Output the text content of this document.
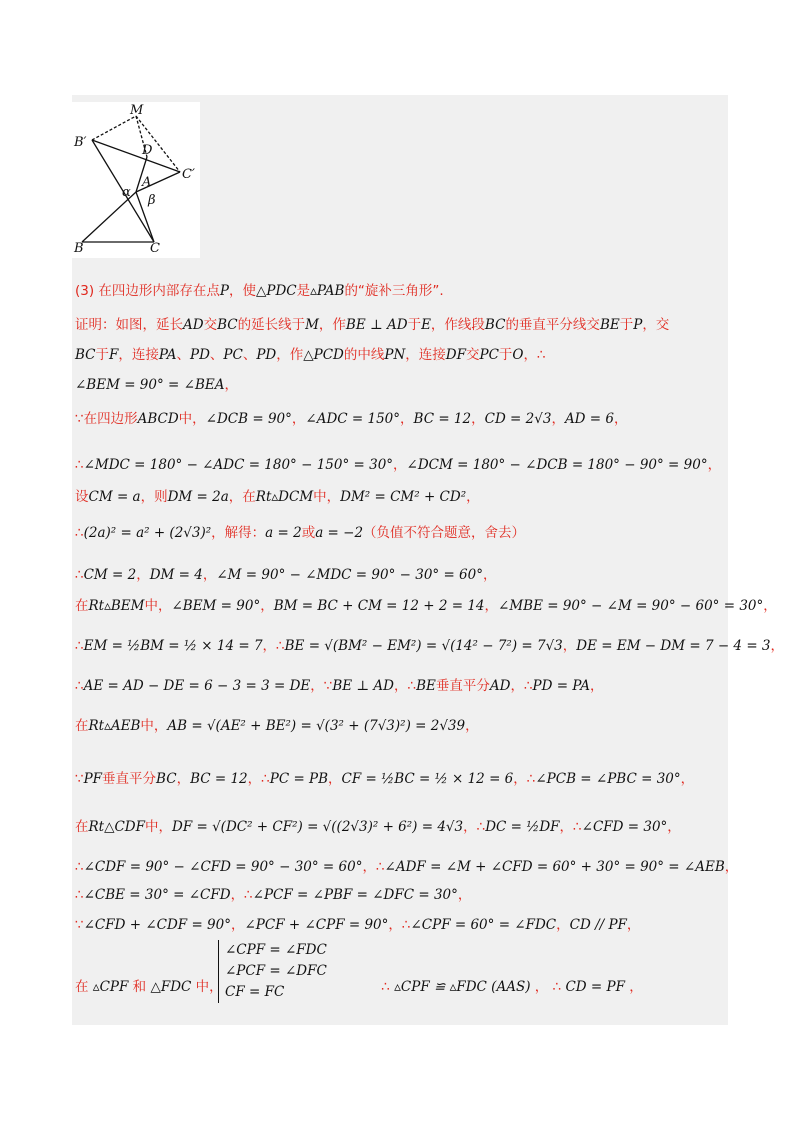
M
B′
D
C′
A
α
β
B	C
(3) 在四边形内部存在点P，使△PDC是▵PAB的“旋补三角形”.
证明：如图，延长AD交BC的延长线于M，作BE ⊥ AD于E，作线段BC的垂直平分线交BE于P，交
BC于F，连接PA、PD、PC、PD，作△PCD的中线PN，连接DF交PC于O，∴
∠BEM = 90° = ∠BEA，
∵在四边形ABCD中，∠DCB = 90°，∠ADC = 150°，BC = 12，CD = 2√3，AD = 6，
∴∠MDC = 180° − ∠ADC = 180° − 150° = 30°，∠DCM = 180° − ∠DCB = 180° − 90° = 90°，
设CM = a，则DM = 2a，在Rt▵DCM中，DM² = CM² + CD²，
∴(2a)² = a² + (2√3)²，解得：a = 2或a = −2（负值不符合题意，舍去）
∴CM = 2，DM = 4，∠M = 90° − ∠MDC = 90° − 30° = 60°，
在Rt▵BEM中，∠BEM = 90°，BM = BC + CM = 12 + 2 = 14，∠MBE = 90° − ∠M = 90° − 60° = 30°，
∴EM = ½BM = ½ × 14 = 7，∴BE = √(BM² − EM²) = √(14² − 7²) = 7√3，DE = EM − DM = 7 − 4 = 3，
∴AE = AD − DE = 6 − 3 = 3 = DE，∵BE ⊥ AD，∴BE垂直平分AD，∴PD = PA，
在Rt▵AEB中，AB = √(AE² + BE²) = √(3² + (7√3)²) = 2√39，
∵PF垂直平分BC，BC = 12，∴PC = PB，CF = ½BC = ½ × 12 = 6，∴∠PCB = ∠PBC = 30°，
在Rt△CDF中，DF = √(DC² + CF²) = √((2√3)² + 6²) = 4√3，∴DC = ½DF，∴∠CFD = 30°，
∴∠CDF = 90° − ∠CFD = 90° − 30° = 60°，∴∠ADF = ∠M + ∠CFD = 60° + 30° = 90° = ∠AEB，
∴∠CBE = 30° = ∠CFD，∴∠PCF = ∠PBF = ∠DFC = 30°，
∵∠CFD + ∠CDF = 90°，∠PCF + ∠CPF = 90°，∴∠CPF = 60° = ∠FDC，CD // PF，
在 ▵CPF 和 △FDC 中，	∴ ▵CPF ≌ ▵FDC (AAS) ， ∴ CD = PF ，
∠CPF = ∠FDC
∠PCF = ∠DFC
CF = FC
